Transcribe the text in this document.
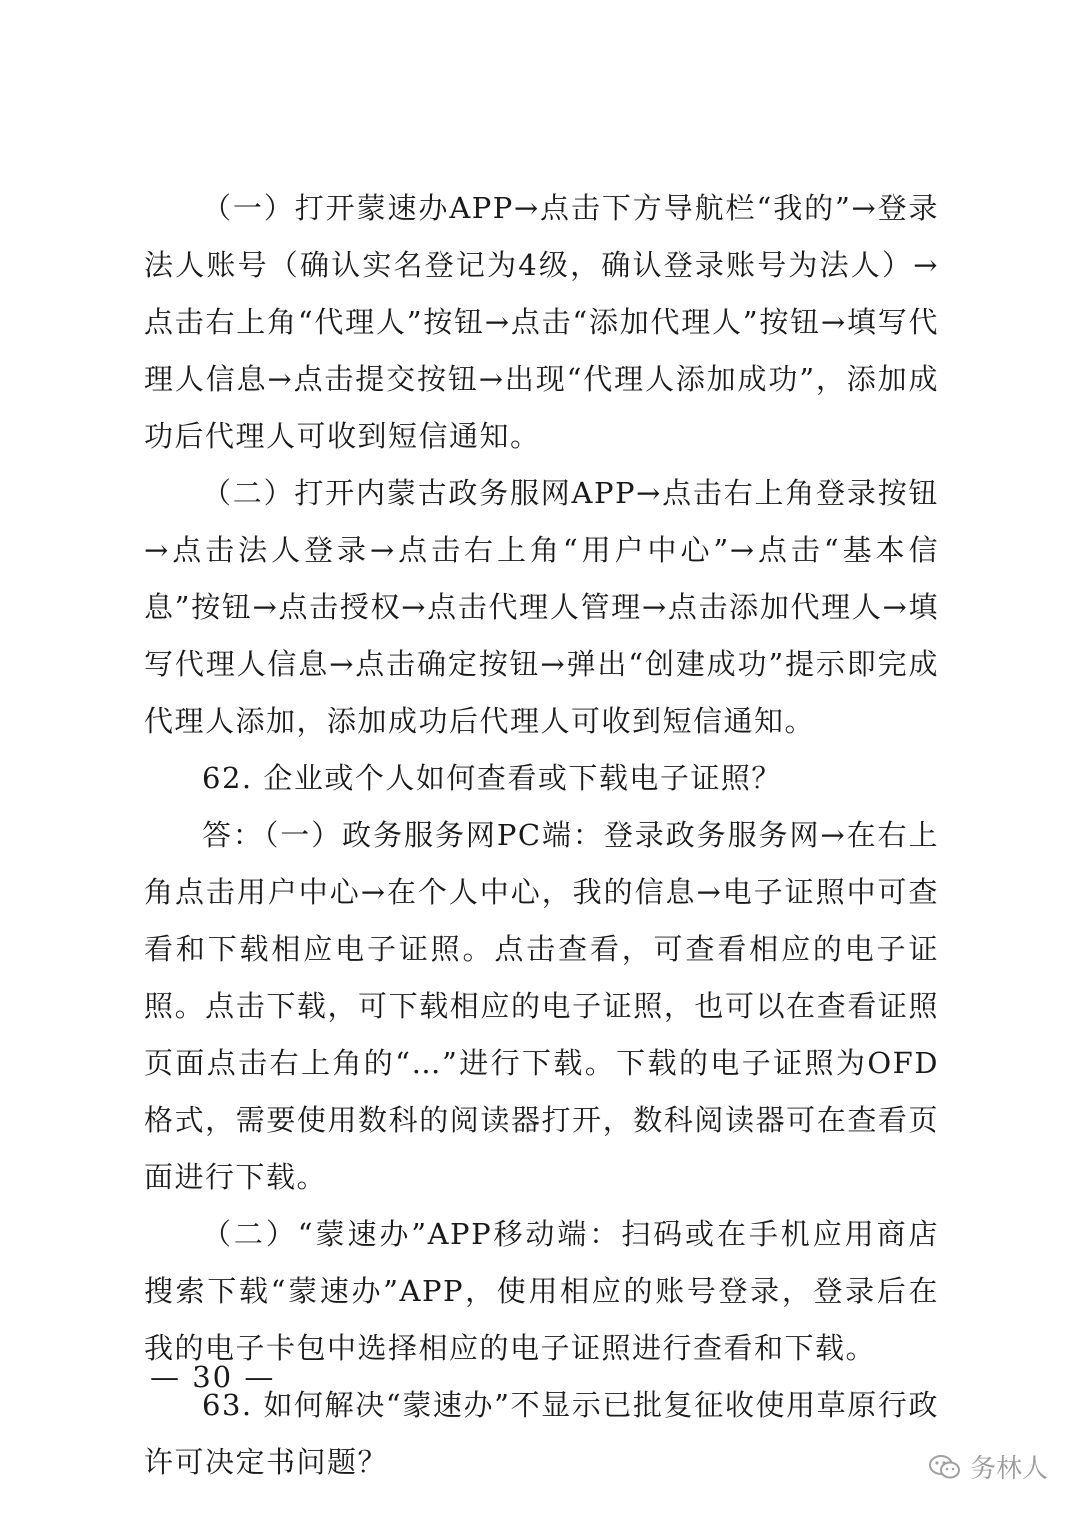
（一）打开蒙速办APP→点击下方导航栏“我的”→登录法人账号（确认实名登记为4级，确认登录账号为法人）→点击右上角“代理人”按钮→点击“添加代理人”按钮→填写代理人信息→点击提交按钮→出现“代理人添加成功”，添加成功后代理人可收到短信通知。

（二）打开内蒙古政务服网APP→点击右上角登录按钮→点击法人登录→点击右上角“用户中心”→点击“基本信息”按钮→点击授权→点击代理人管理→点击添加代理人→填写代理人信息→点击确定按钮→弹出“创建成功”提示即完成代理人添加，添加成功后代理人可收到短信通知。

62. 企业或个人如何查看或下载电子证照？

答：（一）政务服务网PC端：登录政务服务网→在右上角点击用户中心→在个人中心，我的信息→电子证照中可查看和下载相应电子证照。点击查看，可查看相应的电子证照。点击下载，可下载相应的电子证照，也可以在查看证照页面点击右上角的“…”进行下载。下载的电子证照为OFD格式，需要使用数科的阅读器打开，数科阅读器可在查看页面进行下载。

（二）“蒙速办”APP移动端：扫码或在手机应用商店搜索下载“蒙速办”APP，使用相应的账号登录，登录后在我的电子卡包中选择相应的电子证照进行查看和下载。

63. 如何解决“蒙速办”不显示已批复征收使用草原行政许可决定书问题？

— 30 —
务林人
